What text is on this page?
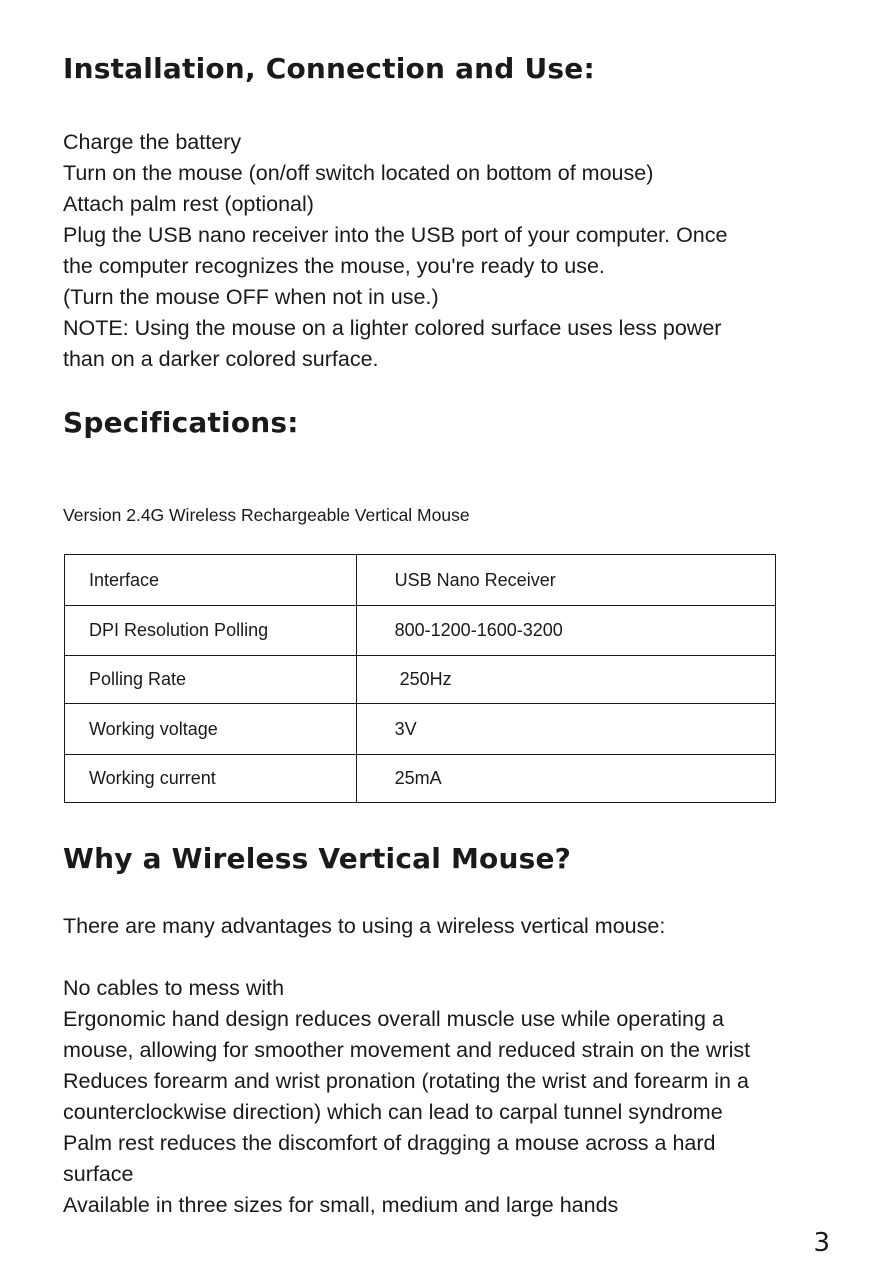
Installation, Connection and Use:
Charge the battery
Turn on the mouse (on/off switch located on bottom of mouse)
Attach palm rest (optional)
Plug the USB nano receiver into the USB port of your computer. Once
the computer recognizes the mouse, you're ready to use.
(Turn the mouse OFF when not in use.)
NOTE: Using the mouse on a lighter colored surface uses less power
than on a darker colored surface.
Specifications:

Version 2.4G Wireless Rechargeable Vertical Mouse

Interface	USB Nano Receiver
DPI Resolution Polling	800-1200-1600-3200
Polling Rate	250Hz
Working voltage	3V
Working current	25mA
Why a Wireless Vertical Mouse?

There are many advantages to using a wireless vertical mouse:

No cables to mess with
Ergonomic hand design reduces overall muscle use while operating a
mouse, allowing for smoother movement and reduced strain on the wrist
Reduces forearm and wrist pronation (rotating the wrist and forearm in a
counterclockwise direction) which can lead to carpal tunnel syndrome
Palm rest reduces the discomfort of dragging a mouse across a hard
surface
Available in three sizes for small, medium and large hands
3
